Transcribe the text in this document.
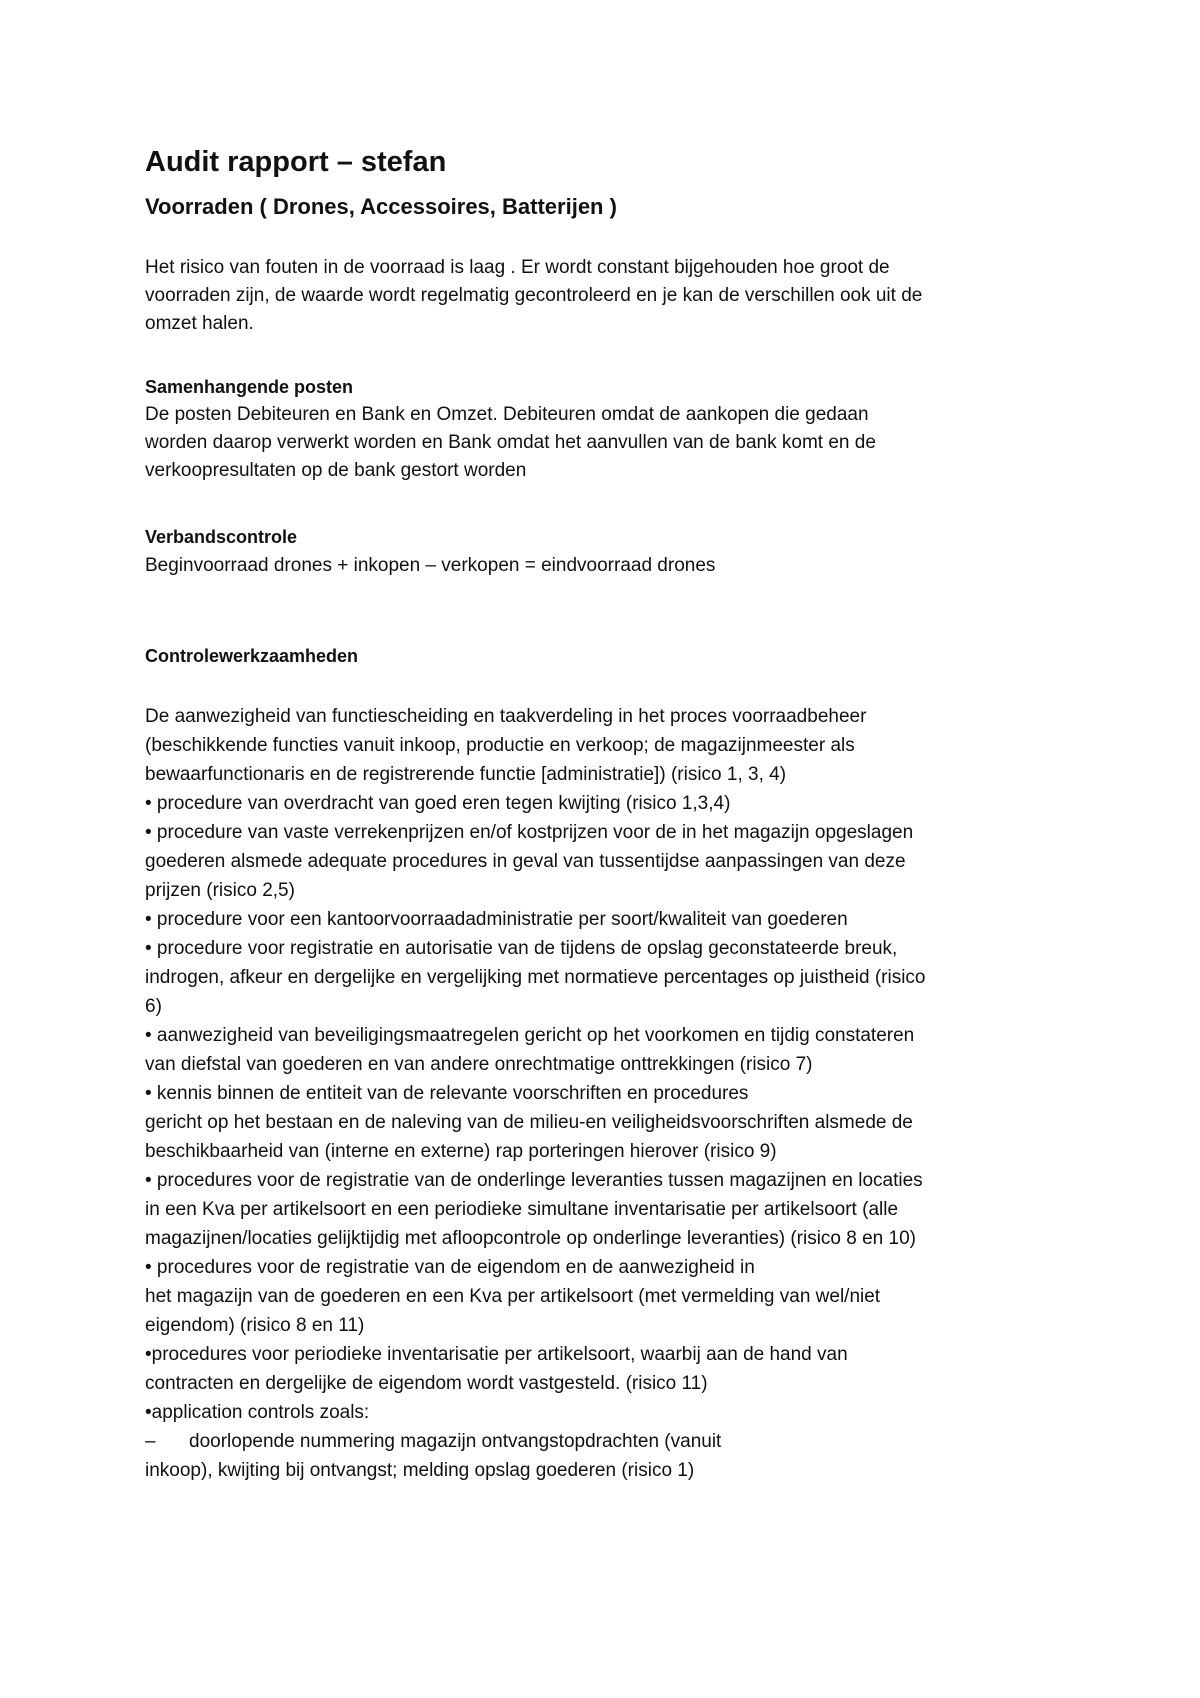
Audit rapport – stefan
Voorraden ( Drones, Accessoires, Batterijen )

Het risico van fouten in de voorraad is laag . Er wordt constant bijgehouden hoe groot de

voorraden zijn, de waarde wordt regelmatig gecontroleerd en je kan de verschillen ook uit de

omzet halen.

Samenhangende posten

De posten Debiteuren en Bank en Omzet. Debiteuren omdat de aankopen die gedaan

worden daarop verwerkt worden en Bank omdat het aanvullen van de bank komt en de

verkoopresultaten op de bank gestort worden

Verbandscontrole

Beginvoorraad drones + inkopen – verkopen = eindvoorraad drones

Controlewerkzaamheden

De aanwezigheid van functiescheiding en taakverdeling in het proces voorraadbeheer

(beschikkende functies vanuit inkoop, productie en verkoop; de magazijnmeester als

bewaarfunctionaris en de registrerende functie [administratie]) (risico 1, 3, 4)

• procedure van overdracht van goed eren tegen kwijting (risico 1,3,4)

• procedure van vaste verrekenprijzen en/of kostprijzen voor de in het magazijn opgeslagen

goederen alsmede adequate procedures in geval van tussentijdse aanpassingen van deze

prijzen (risico 2,5)

• procedure voor een kantoorvoorraadadministratie per soort/kwaliteit van goederen

• procedure voor registratie en autorisatie van de tijdens de opslag geconstateerde breuk,

indrogen, afkeur en dergelijke en vergelijking met normatieve percentages op juistheid (risico

6)

• aanwezigheid van beveiligingsmaatregelen gericht op het voorkomen en tijdig constateren

van diefstal van goederen en van andere onrechtmatige onttrekkingen (risico 7)

• kennis binnen de entiteit van de relevante voorschriften en procedures

gericht op het bestaan en de naleving van de milieu-en veiligheidsvoorschriften alsmede de

beschikbaarheid van (interne en externe) rap porteringen hierover (risico 9)

• procedures voor de registratie van de onderlinge leveranties tussen magazijnen en locaties

in een Kva per artikelsoort en een periodieke simultane inventarisatie per artikelsoort (alle

magazijnen/locaties gelijktijdig met afloopcontrole op onderlinge leveranties) (risico 8 en 10)

• procedures voor de registratie van de eigendom en de aanwezigheid in

het magazijn van de goederen en een Kva per artikelsoort (met vermelding van wel/niet

eigendom) (risico 8 en 11)

•procedures voor periodieke inventarisatie per artikelsoort, waarbij aan de hand van

contracten en dergelijke de eigendom wordt vastgesteld. (risico 11)

•application controls zoals:

– doorlopende nummering magazijn ontvangstopdrachten (vanuit

inkoop), kwijting bij ontvangst; melding opslag goederen (risico 1)
